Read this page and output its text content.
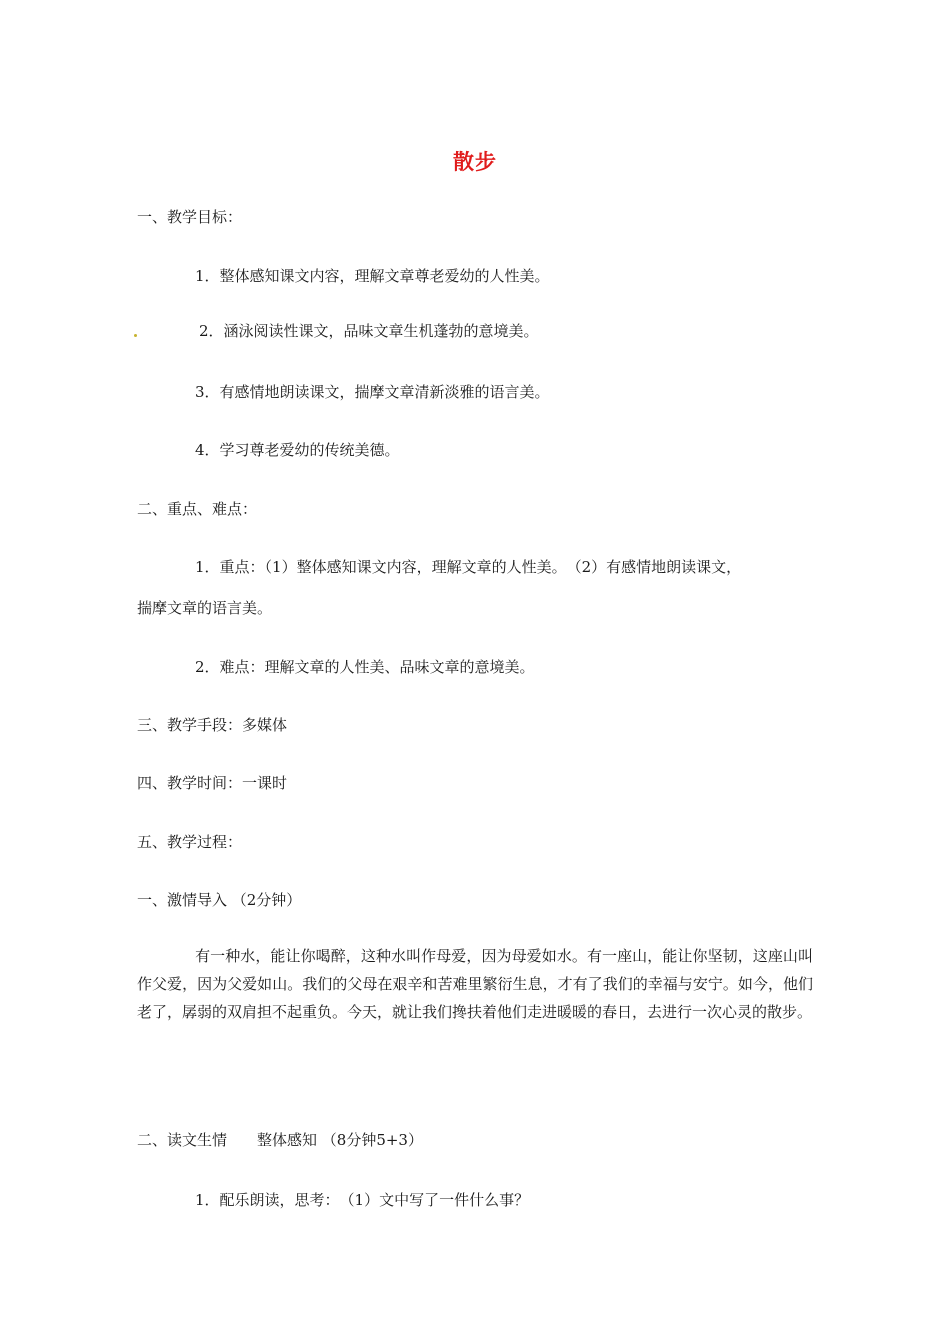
散步
一、教学目标：
1．整体感知课文内容，理解文章尊老爱幼的人性美。
2．涵泳阅读性课文，品味文章生机蓬勃的意境美。
3．有感情地朗读课文，揣摩文章清新淡雅的语言美。
4．学习尊老爱幼的传统美德。
二、重点、难点：
1．重点：（1）整体感知课文内容，理解文章的人性美。　（2）有感情地朗读课文，
揣摩文章的语言美。
2．难点：理解文章的人性美、品味文章的意境美。
三、教学手段：多媒体
四、教学时间：一课时
五、教学过程：
一、激情导入 （2分钟）
有一种水，能让你喝醉，这种水叫作母爱，因为母爱如水。有一座山，能让你坚韧，这座山叫作父爱，因为父爱如山。我们的父母在艰辛和苦难里繁衍生息，才有了我们的幸福与安宁。如今，他们老了，孱弱的双肩担不起重负。今天，就让我们搀扶着他们走进暖暖的春日，去进行一次心灵的散步。
二、读文生情　　整体感知 （8分钟5+3）
1．配乐朗读，思考：　（1）文中写了一件什么事？
